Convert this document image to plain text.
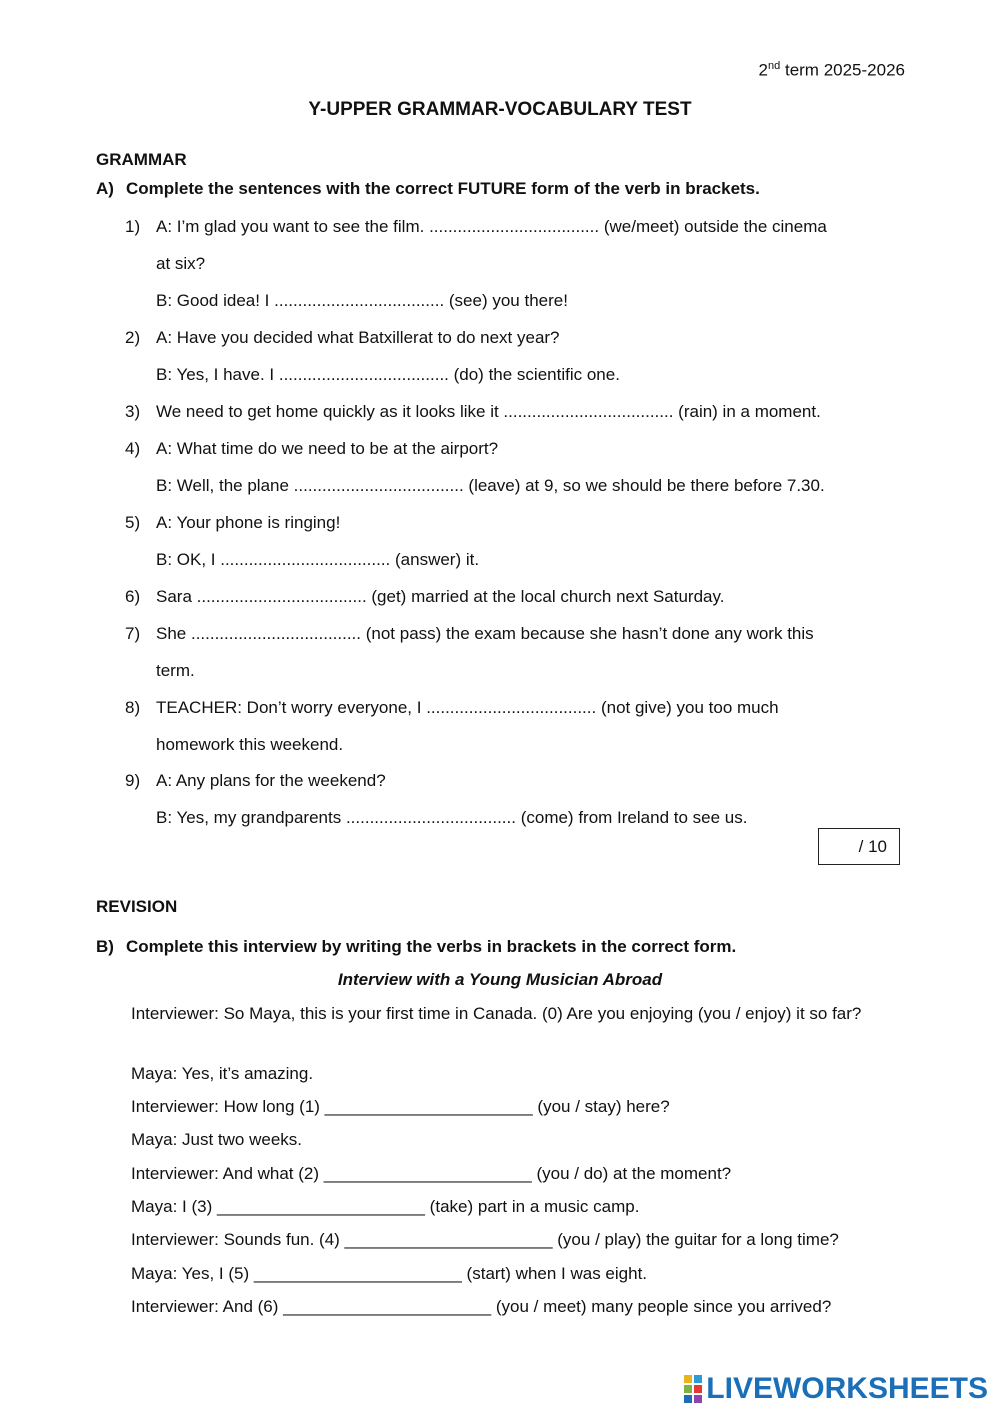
2nd term 2025-2026
Y-UPPER GRAMMAR-VOCABULARY TEST
GRAMMAR
A) Complete the sentences with the correct FUTURE form of the verb in brackets.
1) A: I’m glad you want to see the film. .................................... (we/meet) outside the cinema
at six?
B: Good idea! I .................................... (see) you there!
2) A: Have you decided what Batxillerat to do next year?
B: Yes, I have. I .................................... (do) the scientific one.
3) We need to get home quickly as it looks like it .................................... (rain) in a moment.
4) A: What time do we need to be at the airport?
B: Well, the plane .................................... (leave) at 9, so we should be there before 7.30.
5) A: Your phone is ringing!
B: OK, I .................................... (answer) it.
6) Sara .................................... (get) married at the local church next Saturday.
7) She .................................... (not pass) the exam because she hasn’t done any work this
term.
8) TEACHER: Don’t worry everyone, I .................................... (not give) you too much
homework this weekend.
9) A: Any plans for the weekend?
B: Yes, my grandparents .................................... (come) from Ireland to see us.
/ 10
REVISION
B) Complete this interview by writing the verbs in brackets in the correct form.
Interview with a Young Musician Abroad
Interviewer: So Maya, this is your first time in Canada. (0) Are you enjoying (you / enjoy) it so far?
Maya: Yes, it’s amazing.
Interviewer: How long (1) ______________________ (you / stay) here?
Maya: Just two weeks.
Interviewer: And what (2) ______________________ (you / do) at the moment?
Maya: I (3) ______________________ (take) part in a music camp.
Interviewer: Sounds fun. (4) ______________________ (you / play) the guitar for a long time?
Maya: Yes, I (5) ______________________ (start) when I was eight.
Interviewer: And (6) ______________________ (you / meet) many people since you arrived?
LIVEWORKSHEETS
